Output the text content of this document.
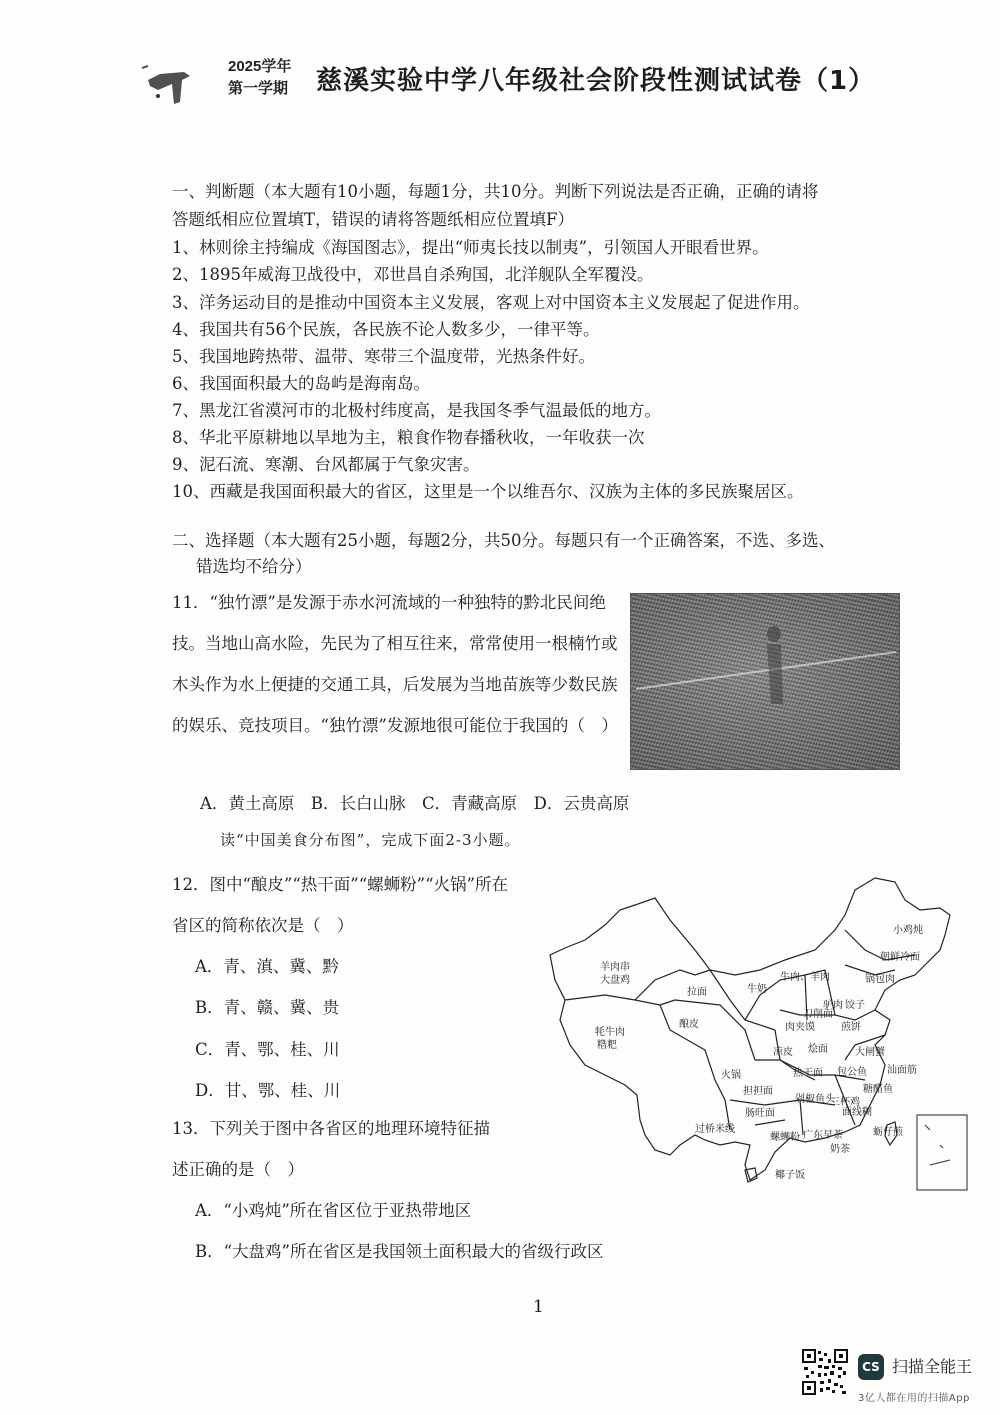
2025学年
第一学期 慈溪实验中学八年级社会阶段性测试试卷（1）
一、判断题（本大题有10小题，每题1分，共10分。判断下列说法是否正确，正确的请将
答题纸相应位置填T，错误的请将答题纸相应位置填F）
1、林则徐主持编成《海国图志》，提出“师夷长技以制夷”，引领国人开眼看世界。
2、1895年威海卫战役中，邓世昌自杀殉国，北洋舰队全军覆没。
3、洋务运动目的是推动中国资本主义发展，客观上对中国资本主义发展起了促进作用。
4、我国共有56个民族，各民族不论人数多少，一律平等。
5、我国地跨热带、温带、寒带三个温度带，光热条件好。
6、我国面积最大的岛屿是海南岛。
7、黑龙江省漠河市的北极村纬度高，是我国冬季气温最低的地方。
8、华北平原耕地以旱地为主，粮食作物春播秋收，一年收获一次
9、泥石流、寒潮、台风都属于气象灾害。
10、西藏是我国面积最大的省区，这里是一个以维吾尔、汉族为主体的多民族聚居区。
二、选择题（本大题有25小题，每题2分，共50分。每题只有一个正确答案，不选、多选、
错选均不给分）
11．“独竹漂”是发源于赤水河流域的一种独特的黔北民间绝技。当地山高水险，先民为了相互往来，常常使用一根楠竹或木头作为水上便捷的交通工具，后发展为当地苗族等少数民族的娱乐、竞技项目。“独竹漂”发源地很可能位于我国的（　）
A．黄土高原　B．长白山脉　C．青藏高原　D．云贵高原
读“中国美食分布图”，完成下面2-3小题。
12．图中“酿皮”“热干面”“螺蛳粉”“火锅”所在
省区的简称依次是（　）
A．青、滇、冀、黔
B．青、赣、冀、贵
C．青、鄂、桂、川
D．甘、鄂、桂、川
13．下列关于图中各省区的地理环境特征描
述正确的是（　）
A．“小鸡炖”所在省区位于亚热带地区
B．“大盘鸡”所在省区是我国领土面积最大的省级行政区
羊肉串
大盘鸡
牦牛肉
糌粑
拉面
酿皮
火锅
牛奶
牛肉、羊肉
小鸡炖
朝鲜冷面
锅包肉
刀削面
肉夹馍
凉皮 烩面
煎饼
热干面
大闸蟹
汕面筋
三杯鸡
剁椒鱼头
肠旺面
过桥米线
螺蛳粉 广东早茶
奶茶
椰子饭
担担面
蛎仔煎
驴肉 饺子
包公鱼
糖醋鱼
面线糊
1
CS 扫描全能王
3亿人都在用的扫描App
